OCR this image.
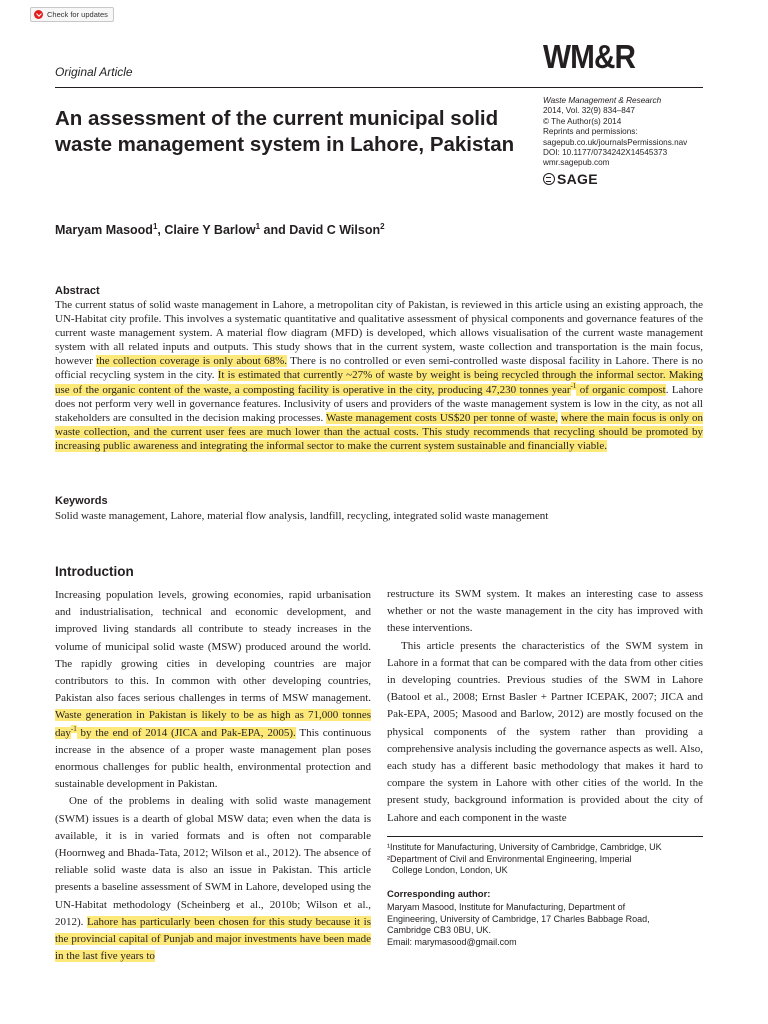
Check for updates
Original Article	WM&R
Waste Management & Research
2014, Vol. 32(9) 834–847
© The Author(s) 2014
Reprints and permissions:
sagepub.co.uk/journalsPermissions.nav
DOI: 10.1177/0734242X14545373
wmr.sagepub.com
SAGE
An assessment of the current municipal solid waste management system in Lahore, Pakistan
Maryam Masood$^1$, Claire Y Barlow$^1$ and David C Wilson$^2$
Abstract
The current status of solid waste management in Lahore, a metropolitan city of Pakistan, is reviewed in this article using an existing approach, the UN-Habitat city profile. This involves a systematic quantitative and qualitative assessment of physical components and governance features of the current waste management system. A material flow diagram (MFD) is developed, which allows visualisation of the current waste management system with all related inputs and outputs. This study shows that in the current system, waste collection and transportation is the main focus, however the collection coverage is only about 68%. There is no controlled or even semi-controlled waste disposal facility in Lahore. There is no official recycling system in the city. It is estimated that currently ~27% of waste by weight is being recycled through the informal sector. Making use of the organic content of the waste, a composting facility is operative in the city, producing 47,230 tonnes year$^{-1}$ of organic compost. Lahore does not perform very well in governance features. Inclusivity of users and providers of the waste management system is low in the city, as not all stakeholders are consulted in the decision making processes. Waste management costs US$20 per tonne of waste, where the main focus is only on waste collection, and the current user fees are much lower than the actual costs. This study recommends that recycling should be promoted by increasing public awareness and integrating the informal sector to make the current system sustainable and financially viable.
Keywords
Solid waste management, Lahore, material flow analysis, landfill, recycling, integrated solid waste management
Introduction

Increasing population levels, growing economies, rapid urbanisation and industrialisation, technical and economic development, and improved living standards all contribute to steady increases in the volume of municipal solid waste (MSW) produced around the world. The rapidly growing cities in developing countries are major contributors to this. In common with other developing countries, Pakistan also faces serious challenges in terms of MSW management. Waste generation in Pakistan is likely to be as high as 71,000 tonnes day$^{-1}$ by the end of 2014 (JICA and Pak-EPA, 2005). This continuous increase in the absence of a proper waste management plan poses enormous challenges for public health, environmental protection and sustainable development in Pakistan.

One of the problems in dealing with solid waste management (SWM) issues is a dearth of global MSW data; even when the data is available, it is in varied formats and is often not comparable (Hoornweg and Bhada-Tata, 2012; Wilson et al., 2012). The absence of reliable solid waste data is also an issue in Pakistan. This article presents a baseline assessment of SWM in Lahore, developed using the UN-Habitat methodology (Scheinberg et al., 2010b; Wilson et al., 2012). Lahore has particularly been chosen for this study because it is the provincial capital of Punjab and major investments have been made in the last five years to

restructure its SWM system. It makes an interesting case to assess whether or not the waste management in the city has improved with these interventions.

This article presents the characteristics of the SWM system in Lahore in a format that can be compared with the data from other cities in developing countries. Previous studies of the SWM in Lahore (Batool et al., 2008; Ernst Basler + Partner ICEPAK, 2007; JICA and Pak-EPA, 2005; Masood and Barlow, 2012) are mostly focused on the physical components of the system rather than providing a comprehensive analysis including the governance aspects as well. Also, each study has a different basic methodology that makes it hard to compare the system in Lahore with other cities of the world. In the present study, background information is provided about the city of Lahore and each component in the waste

¹Institute for Manufacturing, University of Cambridge, Cambridge, UK

²Department of Civil and Environmental Engineering, Imperial

College London, London, UK

Corresponding author:
Maryam Masood, Institute for Manufacturing, Department of
Engineering, University of Cambridge, 17 Charles Babbage Road,
Cambridge CB3 0BU, UK.
Email: marymasood@gmail.com
